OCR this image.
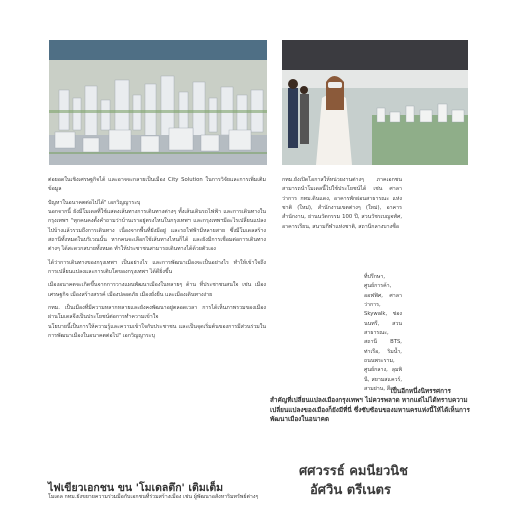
ต่อยอดในเชิงเศรษฐกิจได้ และอาจจะกลายเป็นเมือง City Solution ในการวิจัยและการเพิ่มเติมข้อมูล

ปัญหาในอนาคตต่อไปได้" เอกวิญญาระบุ

นอกจากนี้ ยังมีโมเดลที่ใช้แสดงเส้นทางการเดินทางต่างๆ ทั้งเส้นเดินรถไฟฟ้า และการเดินทางในกรุงเทพฯ "ทุกคนคงตั้งคำถามว่าบ้านเราอยู่ตรงไหนในกรุงเทพฯ และกรุงเทพฯมีอะไรเปลี่ยนแปลงไปบ้างแล้วรวมถึงการเดินทาง เนื่องจากพื้นที่ยังมีอยู่ และรถไฟฟ้ามีหลายสาย ซึ่งมีโมเดลสร้างสถานีทั้งหมดในบริเวณนั้น หากคนจะเลือกใช้เส้นทางไหนก็ได้ และยังมีการเชื่อมต่อการเดินทางต่างๆ ได้สะดวกสบายทั้งหมด ทำให้ประชาชนสามารถเดินทางได้ด้วยตัวเอง

ได้ว่าการเดินทางของกรุงเทพฯ เป็นอย่างไร และการพัฒนาเมืองจะเป็นอย่างไร ทำให้เข้าใจถึงการเปลี่ยนแปลงและการเติบโตของกรุงเทพฯ ได้ดียิ่งขึ้น

เมืองอนาคตจะเกิดขึ้นจากการวางแผนพัฒนาเมืองในหลายๆ ด้าน ที่ประชาชนสนใจ เช่น เมืองเศรษฐกิจ เมืองสร้างสรรค์ เมืองปลอดภัย เมืองยั่งยืน และเมืองเดินทางง่าย

กทม. เป็นเมืองที่มีความหลากหลายและยังคงพัฒนาอยู่ตลอดเวลา การได้เห็นภาพรวมของเมืองผ่านโมเดลจึงเป็นประโยชน์ต่อการทำความเข้าใจ

นโยบายนี้เป็นการให้ความรู้และความเข้าใจกับประชาชน และเป็นจุดเริ่มต้นของการมีส่วนร่วมในการพัฒนาเมืองในอนาคตต่อไป" เอกวิญญาระบุ

กทม.ยังเปิดโอกาสให้หน่วยงานต่างๆ ภาคเอกชน สามารถนำโมเดลนี้ไปใช้ประโยชน์ได้ เช่น ศาลาว่าการ กทม.ดินแดง, อาคารพักผ่อนสาธารณะ แห่งชาติ (ใหม่), สำนักงานเขตต่างๆ (ใหม่), อาคารสำนักงาน, ย่านนวัตกรรม 100 ปี, สวนวัชรเบญจทัศ, อาคารเรียน, สนามกีฬาแห่งชาติ, สถานีกลางบางซื่อ

ที่ปรึกษา, ศูนย์การค้า, ออฟฟิศ, ศาลาว่าการ, Skywalk, ช่องนนทรี, สวนสาธารณะ, สถานี BTS, ท่าเรือ, ริมน้ำ, ถนนพระราม, ศูนย์กลาง, ลุมพินี, สยามสแควร์, สามย่าน, สีลม

เป็นอีกหนึ่งนิทรรศการ
สำคัญที่เปลี่ยนแปลงเมืองกรุงเทพฯ ไม่ควรพลาด หากแต่ไม่ได้ทราบความเปลี่ยนแปลงของเมืองก็ยังมีที่นี่ ซึ่งซับซ้อนของมหานครแห่งนี้ให้ได้เห็นการพัฒนาเมืองในอนาคต
ศศวรรธ์ คมนียวนิช
อัศวิน ตรีเนตร
ไฟเขียวเอกชน ขน 'โมเดลตึก' เติมเต็ม
โมเดล กทม.ยังขยายความร่วมมือกับเอกชนที่ร่วมสร้างเมือง เช่น ผู้พัฒนาอสังหาริมทรัพย์ต่างๆ
